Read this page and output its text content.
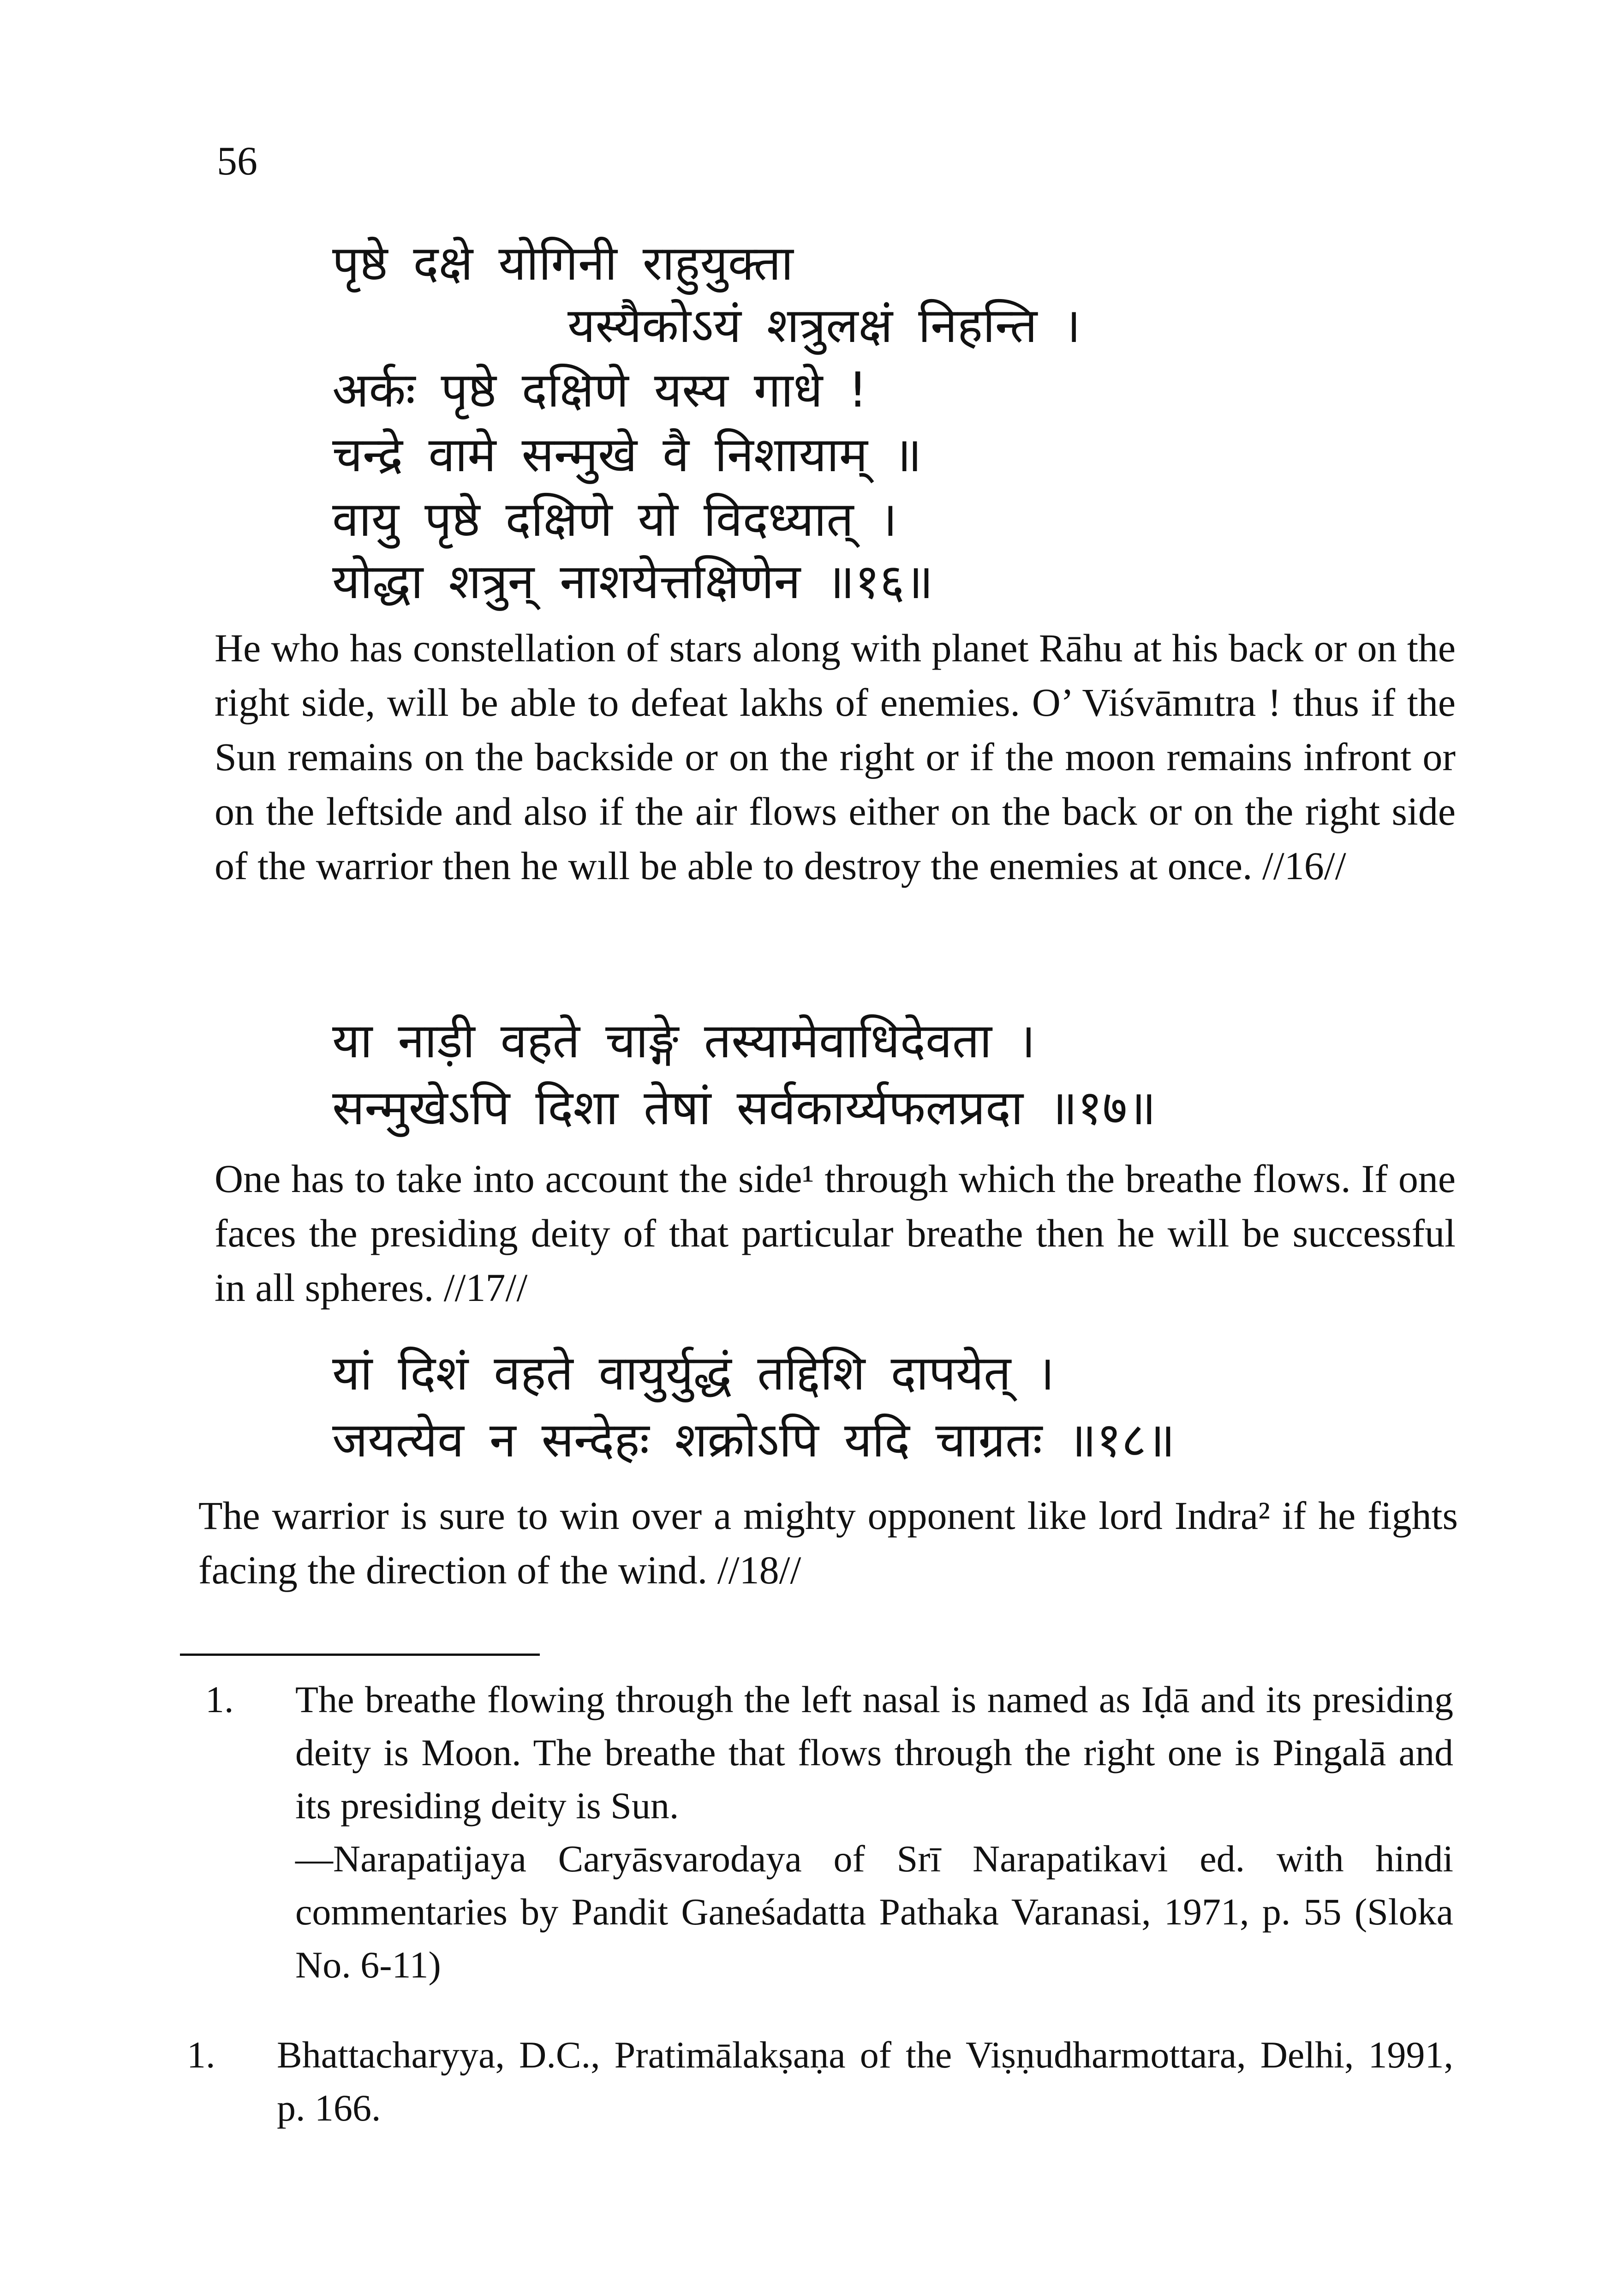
56
पृष्ठे दक्षे योगिनी राहुयुक्ता
यस्यैकोऽयं शत्रुलक्षं निहन्ति ।
अर्कः पृष्ठे दक्षिणे यस्य गाधे !
चन्द्रे वामे सन्मुखे वै निशायाम् ॥
वायु पृष्ठे दक्षिणे यो विदध्यात् ।
योद्धा शत्रुन् नाशयेत्तक्षिणेन ॥१६॥

He who has constellation of stars along with planet Rāhu at his back or on the right side, will be able to defeat lakhs of enemies. O’ Viśvāmıtra ! thus if the Sun remains on the backside or on the right or if the moon remains infront or on the leftside and also if the air flows either on the back or on the right side of the warrior then he wıll be able to destroy the enemies at once. //16//

या नाड़ी वहते चाङ्गे तस्यामेवाधिदेवता ।
सन्मुखेऽपि दिशा तेषां सर्वकार्य्यफलप्रदा ॥१७॥

One has to take into account the side¹ through which the breathe flows. If one faces the presiding deity of that particular breathe then he will be successful in all spheres. //17//

यां दिशं वहते वायुर्युद्धं तद्दिशि दापयेत् ।
जयत्येव न सन्देहः शक्रोऽपि यदि चाग्रतः ॥१८॥

The warrior is sure to win over a mighty opponent like lord Indra² if he fights facing the direction of the wind. //18//

1. The breathe flowing through the left nasal is named as Iḍā and its presiding deity is Moon. The breathe that flows through the right one is Pingalā and its presiding deity is Sun.

—Narapatijaya Caryāsvarodaya of Srī Narapatikavi ed. with hindi commentaries by Pandit Ganeśadatta Pathaka Varanasi, 1971, p. 55 (Sloka No. 6-11)

1. Bhattacharyya, D.C., Pratimālakṣaṇa of the Viṣṇudharmottara, Delhi, 1991, p. 166.
